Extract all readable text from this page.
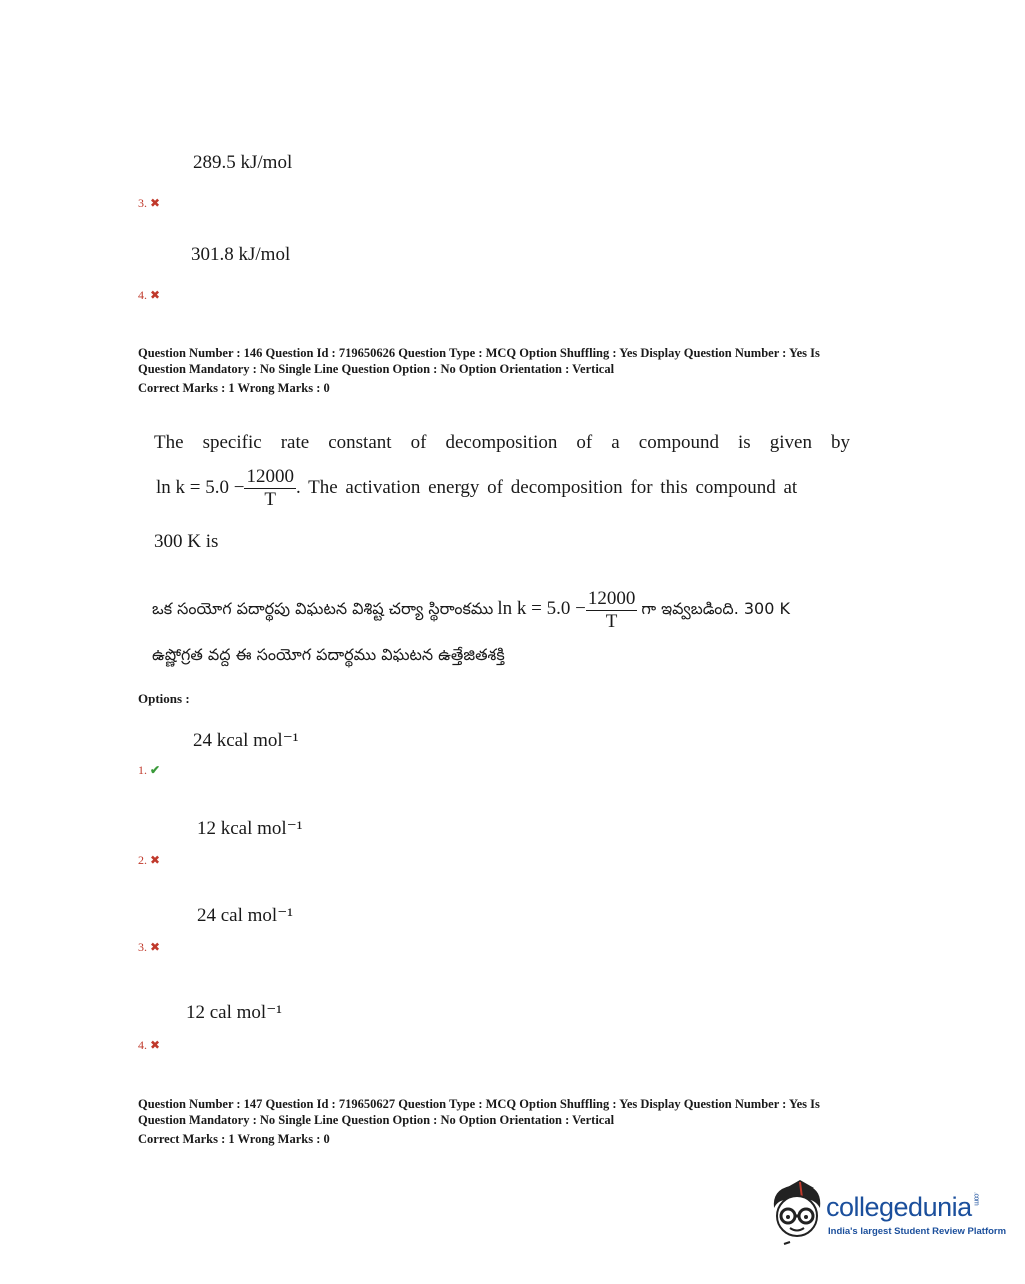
289.5 kJ/mol
3. ✖
301.8 kJ/mol
4. ✖
Question Number : 146 Question Id : 719650626 Question Type : MCQ Option Shuffling : Yes Display Question Number : Yes Is
Question Mandatory : No Single Line Question Option : No Option Orientation : Vertical
Correct Marks : 1 Wrong Marks : 0
The specific rate constant of decomposition of a compound is given by
$\ln k = 5.0 - \frac{12000}{T}$ . The activation energy of decomposition for this compound at
300 K is
ఒక సంయోగ పదార్థపు విఘటన విశిష్ట చర్యా స్థిరాంకము $\ln k = 5.0 - \frac{12000}{T}$ గా ఇవ్వబడింది. 300 K
ఉష్ణోగ్రత వద్ద ఈ సంయోగ పదార్థము విఘటన ఉత్తేజితశక్తి
Options :
24 kcal mol⁻¹
1. ✔
12 kcal mol⁻¹
2. ✖
24 cal mol⁻¹
3. ✖
12 cal mol⁻¹
4. ✖
Question Number : 147 Question Id : 719650627 Question Type : MCQ Option Shuffling : Yes Display Question Number : Yes Is
Question Mandatory : No Single Line Question Option : No Option Orientation : Vertical
Correct Marks : 1 Wrong Marks : 0
collegedunia.com
India's largest Student Review Platform
